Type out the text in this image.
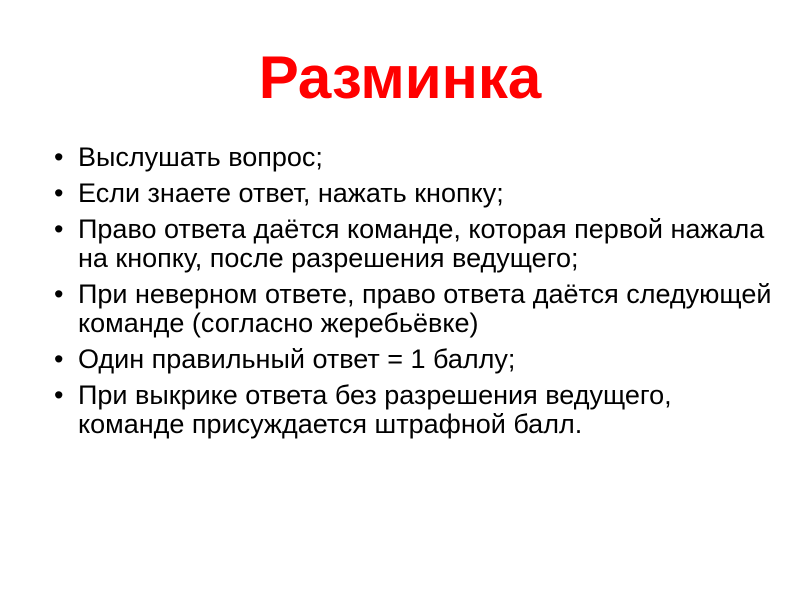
Разминка
• Выслушать вопрос;
• Если знаете ответ, нажать кнопку;
• Право ответа даётся команде, которая первой нажала на кнопку, после разрешения ведущего;
• При неверном ответе, право ответа даётся следующей команде (согласно жеребьёвке)
• Один правильный ответ = 1 баллу;
• При выкрике ответа без разрешения ведущего, команде присуждается штрафной балл.
